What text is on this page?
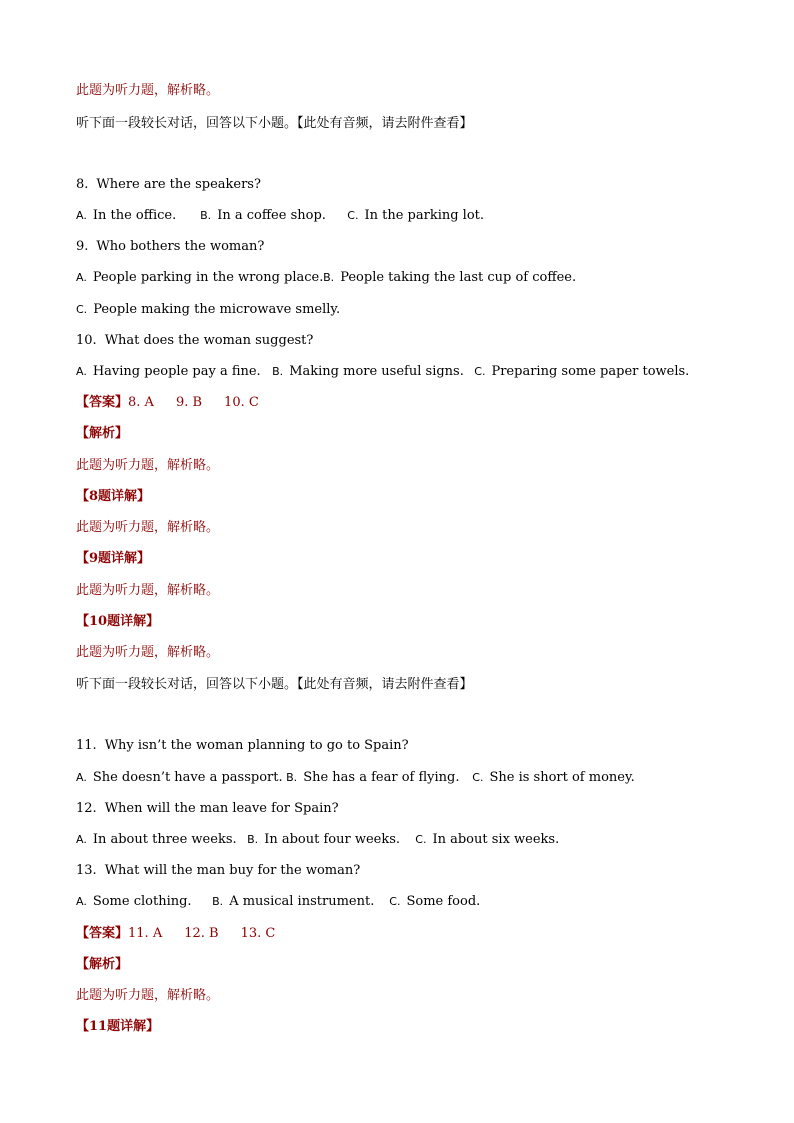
此题为听力题，解析略。
听下面一段较长对话，回答以下小题。【此处有音频，请去附件查看】
8. Where are the speakers?
A. In the office. B. In a coffee shop. C. In the parking lot.
9. Who bothers the woman?
A. People parking in the wrong place. B. People taking the last cup of coffee.
C. People making the microwave smelly.
10. What does the woman suggest?
A. Having people pay a fine. B. Making more useful signs. C. Preparing some paper towels.
【答案】8. A 9. B 10. C
【解析】
此题为听力题，解析略。
【8题详解】
此题为听力题，解析略。
【9题详解】
此题为听力题，解析略。
【10题详解】
此题为听力题，解析略。
听下面一段较长对话，回答以下小题。【此处有音频，请去附件查看】
11. Why isn’t the woman planning to go to Spain?
A. She doesn’t have a passport. B. She has a fear of flying. C. She is short of money.
12. When will the man leave for Spain?
A. In about three weeks. B. In about four weeks. C. In about six weeks.
13. What will the man buy for the woman?
A. Some clothing. B. A musical instrument. C. Some food.
【答案】11. A 12. B 13. C
【解析】
此题为听力题，解析略。
【11题详解】
